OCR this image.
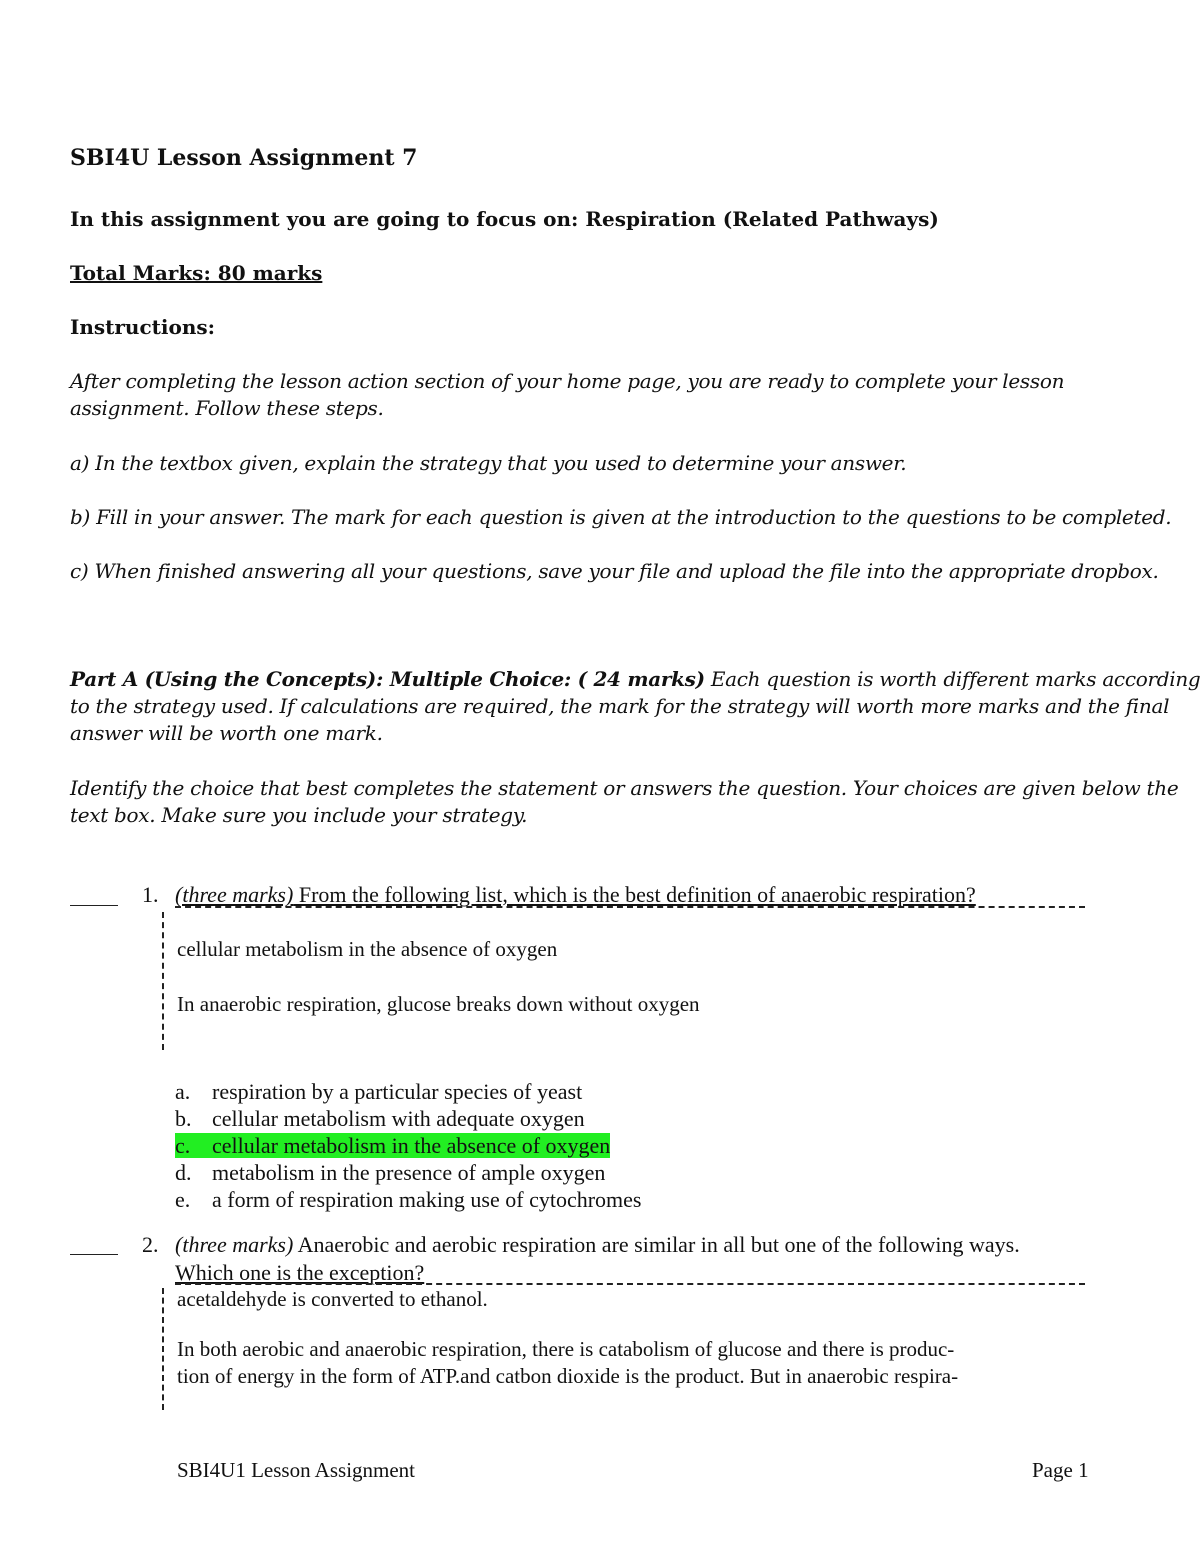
SBI4U Lesson Assignment 7
In this assignment you are going to focus on: Respiration (Related Pathways)
Total Marks: 80 marks
Instructions:
After completing the lesson action section of your home page, you are ready to complete your lesson
assignment. Follow these steps.
a) In the textbox given, explain the strategy that you used to determine your answer.
b) Fill in your answer. The mark for each question is given at the introduction to the questions to be completed.
c) When finished answering all your questions, save your file and upload the file into the appropriate dropbox.
Part A (Using the Concepts): Multiple Choice: ( 24 marks) Each question is worth different marks according
to the strategy used. If calculations are required, the mark for the strategy will worth more marks and the final
answer will be worth one mark.
Identify the choice that best completes the statement or answers the question. Your choices are given below the
text box. Make sure you include your strategy.
1. (three marks) From the following list, which is the best definition of anaerobic respiration?
cellular metabolism in the absence of oxygen
In anaerobic respiration, glucose breaks down without oxygen
a. respiration by a particular species of yeast
b. cellular metabolism with adequate oxygen
c. cellular metabolism in the absence of oxygen
d. metabolism in the presence of ample oxygen
e. a form of respiration making use of cytochromes
2. (three marks) Anaerobic and aerobic respiration are similar in all but one of the following ways.
Which one is the exception?
acetaldehyde is converted to ethanol.
In both aerobic and anaerobic respiration, there is catabolism of glucose and there is produc-
tion of energy in the form of ATP.and catbon dioxide is the product. But in anaerobic respira-
SBI4U1 Lesson Assignment	Page 1
